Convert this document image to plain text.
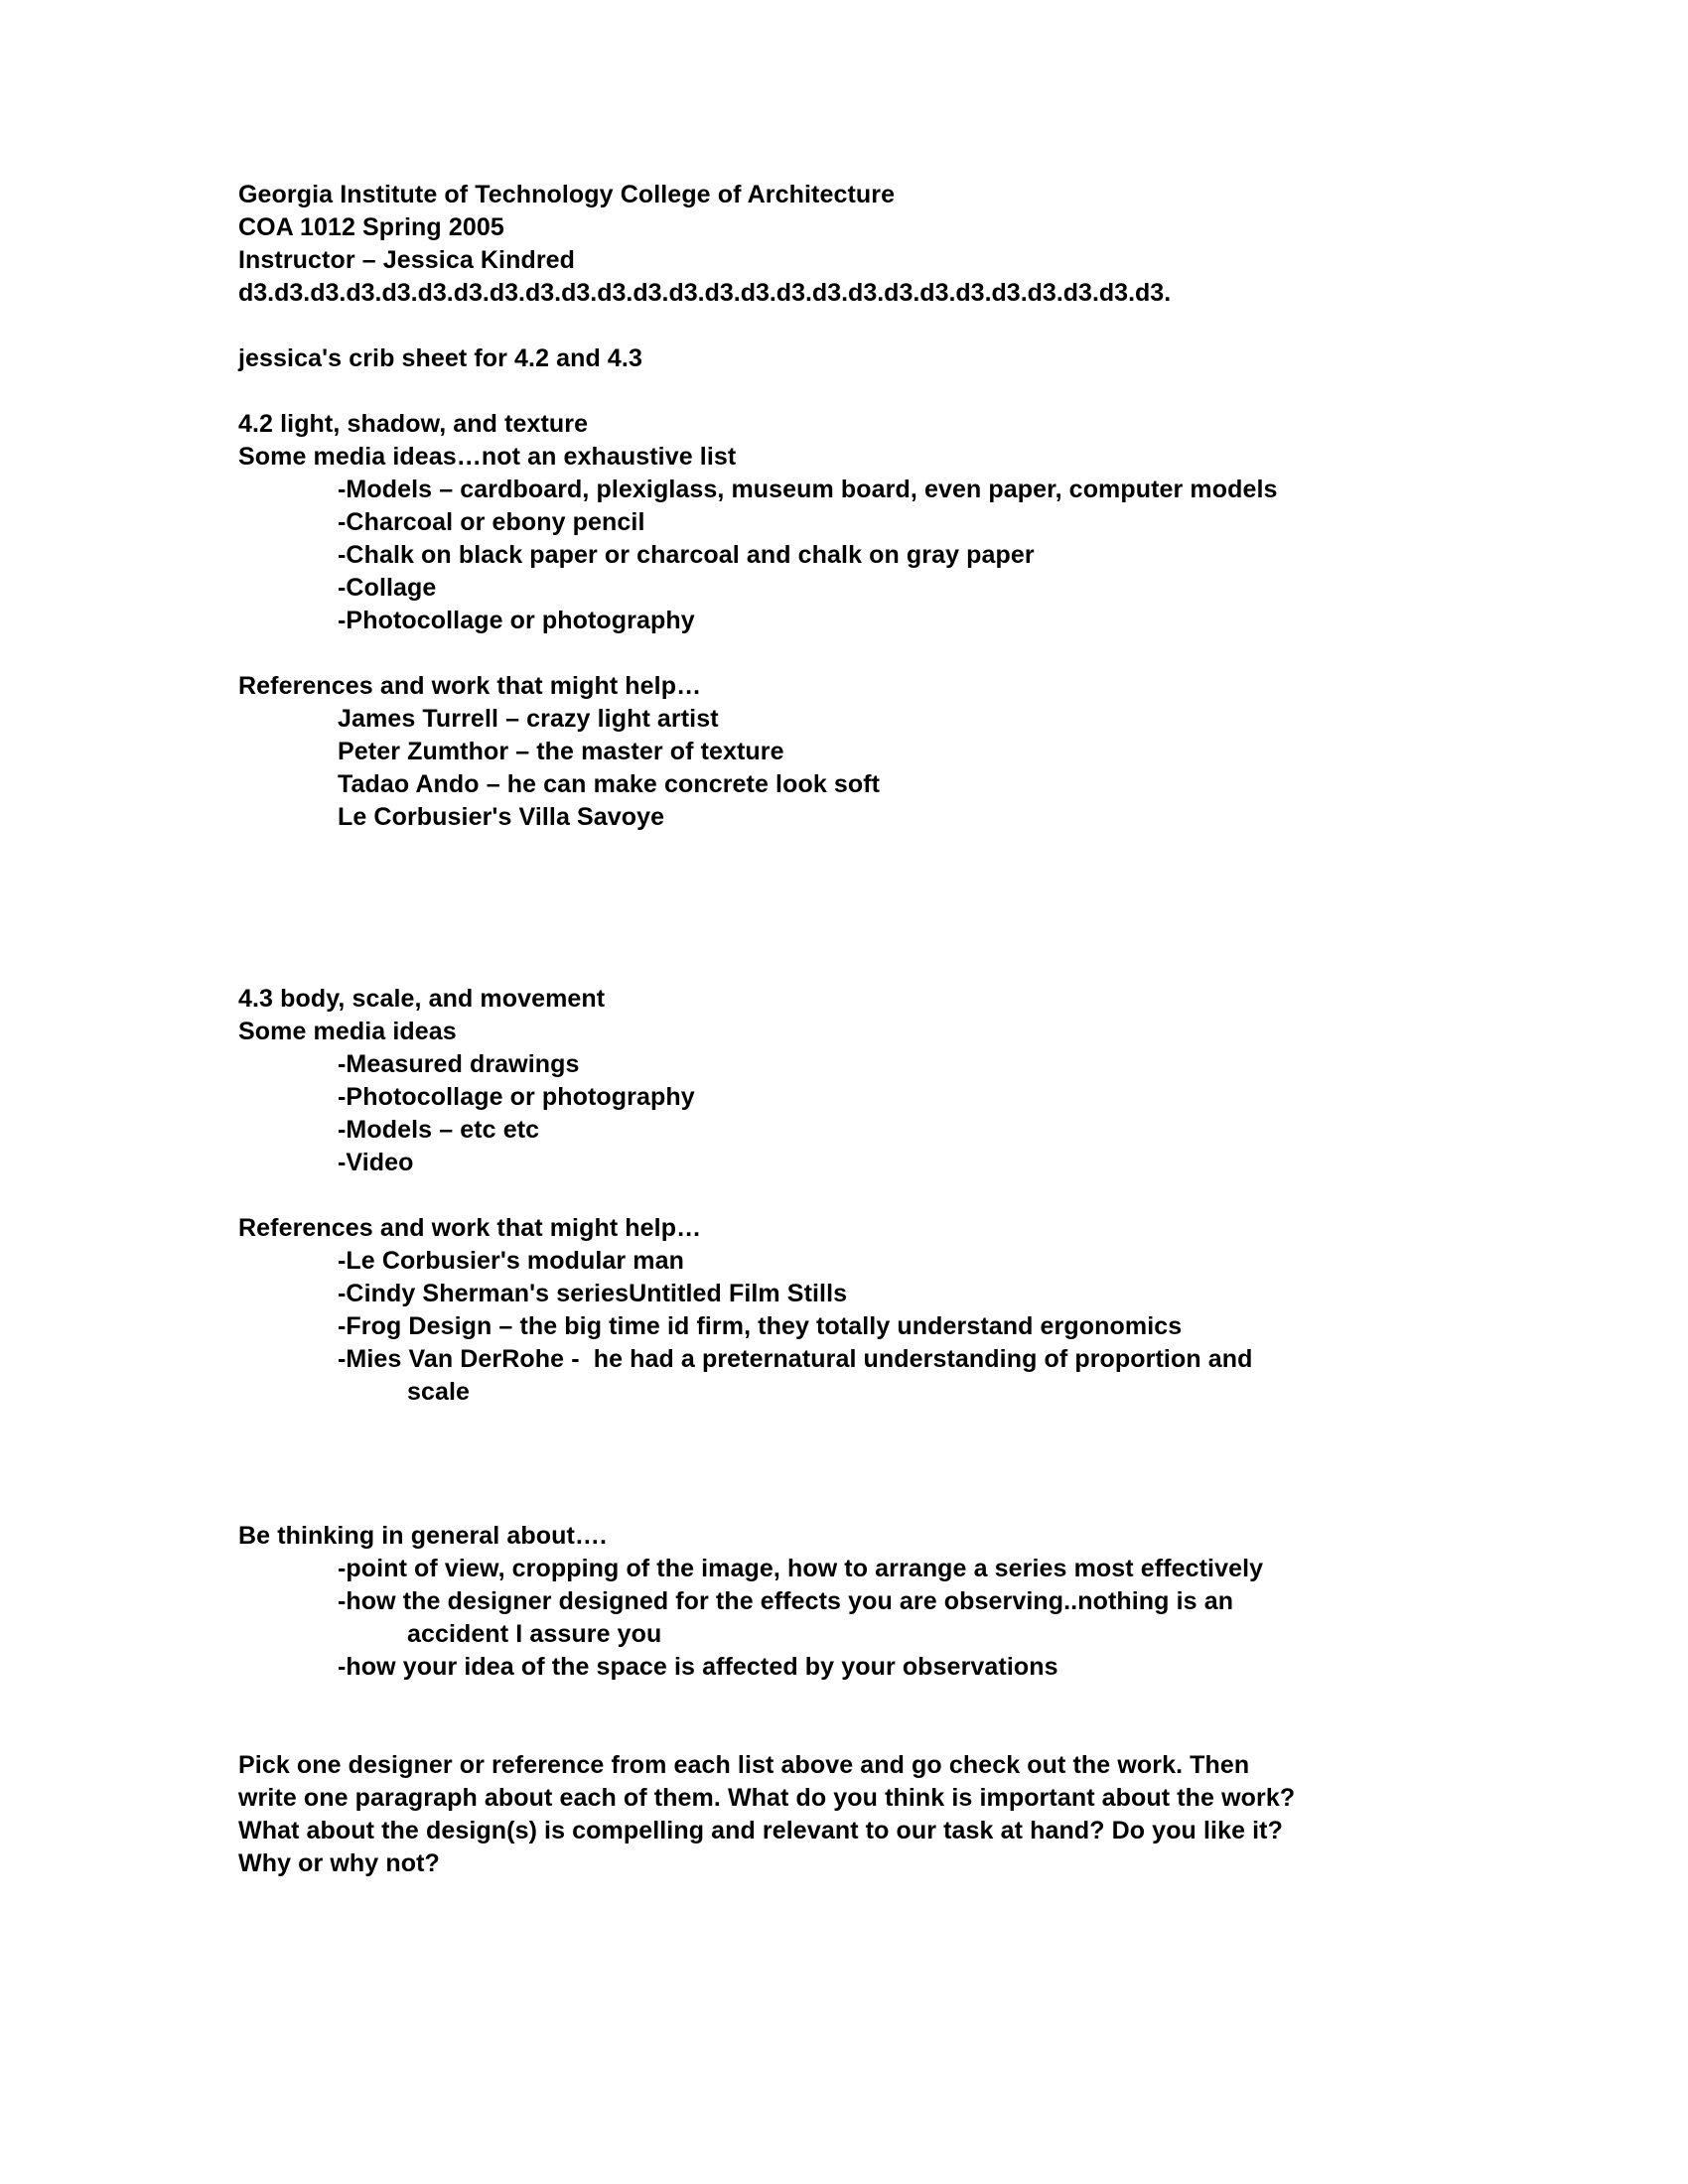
Georgia Institute of Technology College of Architecture

COA 1012 Spring 2005

Instructor – Jessica Kindred

d3.d3.d3.d3.d3.d3.d3.d3.d3.d3.d3.d3.d3.d3.d3.d3.d3.d3.d3.d3.d3.d3.d3.d3.d3.d3.

jessica's crib sheet for 4.2 and 4.3

4.2 light, shadow, and texture

Some media ideas…not an exhaustive list

-Models – cardboard, plexiglass, museum board, even paper, computer models

-Charcoal or ebony pencil

-Chalk on black paper or charcoal and chalk on gray paper

-Collage

-Photocollage or photography

References and work that might help…

James Turrell – crazy light artist

Peter Zumthor – the master of texture

Tadao Ando – he can make concrete look soft

Le Corbusier's Villa Savoye

4.3 body, scale, and movement

Some media ideas

-Measured drawings

-Photocollage or photography

-Models – etc etc

-Video

References and work that might help…

-Le Corbusier's modular man

-Cindy Sherman's seriesUntitled Film Stills

-Frog Design – the big time id firm, they totally understand ergonomics

-Mies Van DerRohe -  he had a preternatural understanding of proportion and

scale

Be thinking in general about….

-point of view, cropping of the image, how to arrange a series most effectively

-how the designer designed for the effects you are observing..nothing is an

accident I assure you

-how your idea of the space is affected by your observations

Pick one designer or reference from each list above and go check out the work. Then

write one paragraph about each of them. What do you think is important about the work?

What about the design(s) is compelling and relevant to our task at hand? Do you like it?

Why or why not?
